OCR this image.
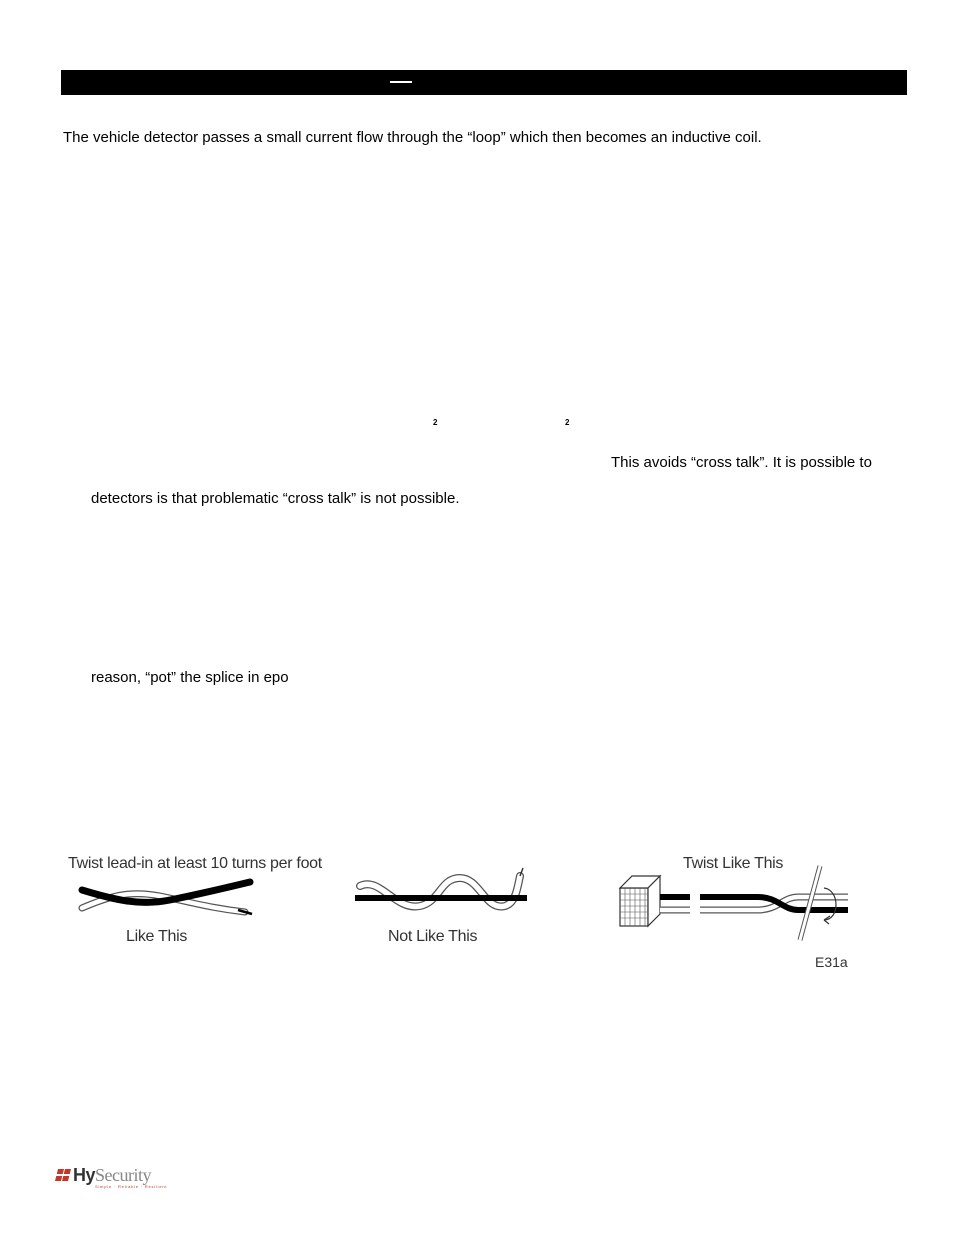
The vehicle detector passes a small current flow through the “loop” which then becomes an inductive coil.
2	2
This avoids “cross talk”. It is possible to
detectors is that problematic “cross talk” is not possible.
reason, “pot” the splice in epo
Twist lead-in at least 10 turns per foot
Like This	Not Like This
Twist Like This
E31a
HySecurity
Simple · Reliable · Resilient
